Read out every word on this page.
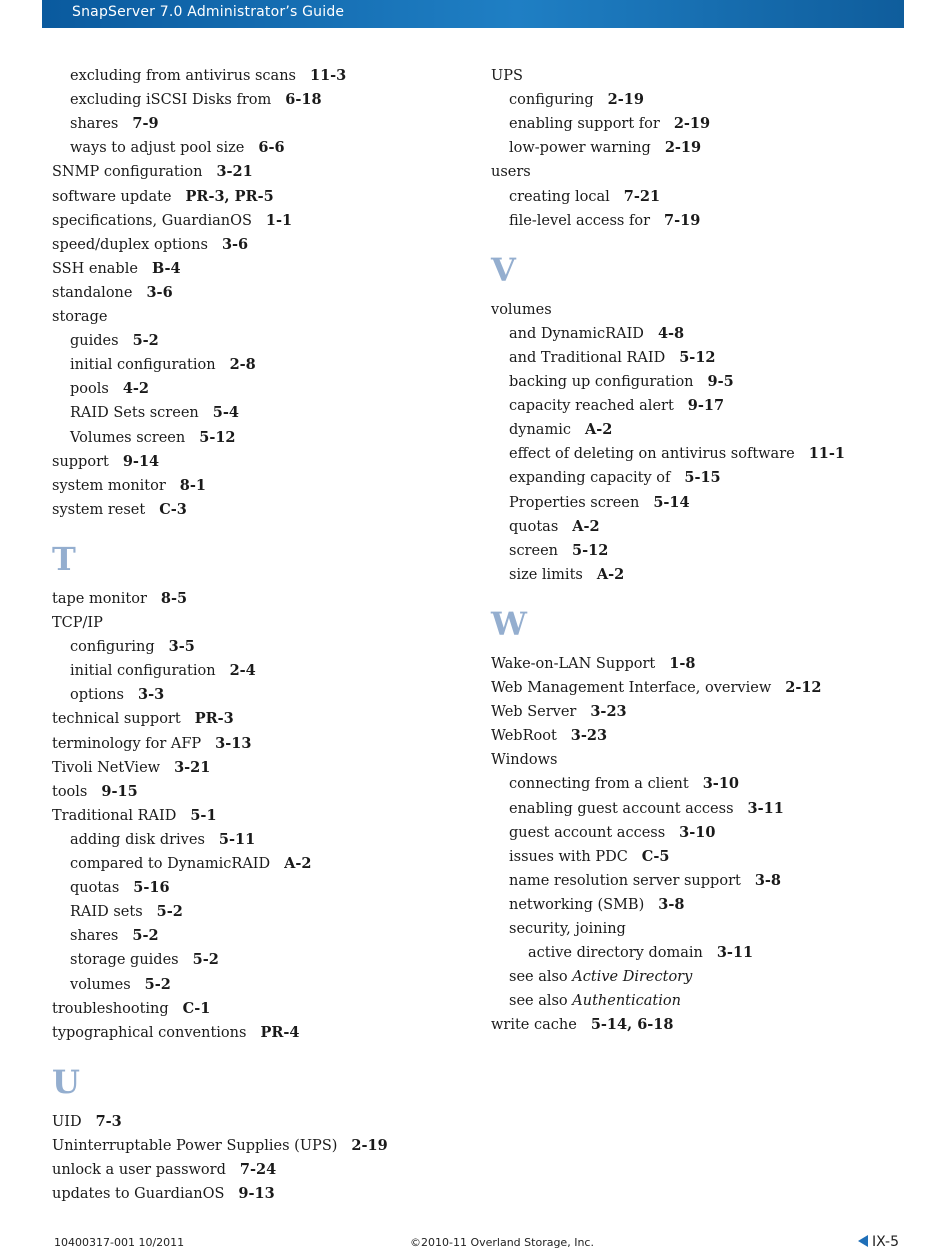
SnapServer 7.0 Administrator’s Guide
excluding from antivirus scans 11-3
excluding iSCSI Disks from 6-18
shares 7-9
ways to adjust pool size 6-6
SNMP configuration 3-21
software update PR-3, PR-5
specifications, GuardianOS 1-1
speed/duplex options 3-6
SSH enable B-4
standalone 3-6
storage
guides 5-2
initial configuration 2-8
pools 4-2
RAID Sets screen 5-4
Volumes screen 5-12
support 9-14
system monitor 8-1
system reset C-3
T
tape monitor 8-5
TCP/IP
configuring 3-5
initial configuration 2-4
options 3-3
technical support PR-3
terminology for AFP 3-13
Tivoli NetView 3-21
tools 9-15
Traditional RAID 5-1
adding disk drives 5-11
compared to DynamicRAID A-2
quotas 5-16
RAID sets 5-2
shares 5-2
storage guides 5-2
volumes 5-2
troubleshooting C-1
typographical conventions PR-4
U
UID 7-3
Uninterruptable Power Supplies (UPS) 2-19
unlock a user password 7-24
updates to GuardianOS 9-13
UPS
configuring 2-19
enabling support for 2-19
low-power warning 2-19
users
creating local 7-21
file-level access for 7-19
V
volumes
and DynamicRAID 4-8
and Traditional RAID 5-12
backing up configuration 9-5
capacity reached alert 9-17
dynamic A-2
effect of deleting on antivirus software 11-1
expanding capacity of 5-15
Properties screen 5-14
quotas A-2
screen 5-12
size limits A-2
W
Wake-on-LAN Support 1-8
Web Management Interface, overview 2-12
Web Server 3-23
WebRoot 3-23
Windows
connecting from a client 3-10
enabling guest account access 3-11
guest account access 3-10
issues with PDC C-5
name resolution server support 3-8
networking (SMB) 3-8
security, joining
active directory domain 3-11
see also Active Directory
see also Authentication
write cache 5-14, 6-18
10400317-001 10/2011	©2010-11 Overland Storage, Inc.	IX-5
